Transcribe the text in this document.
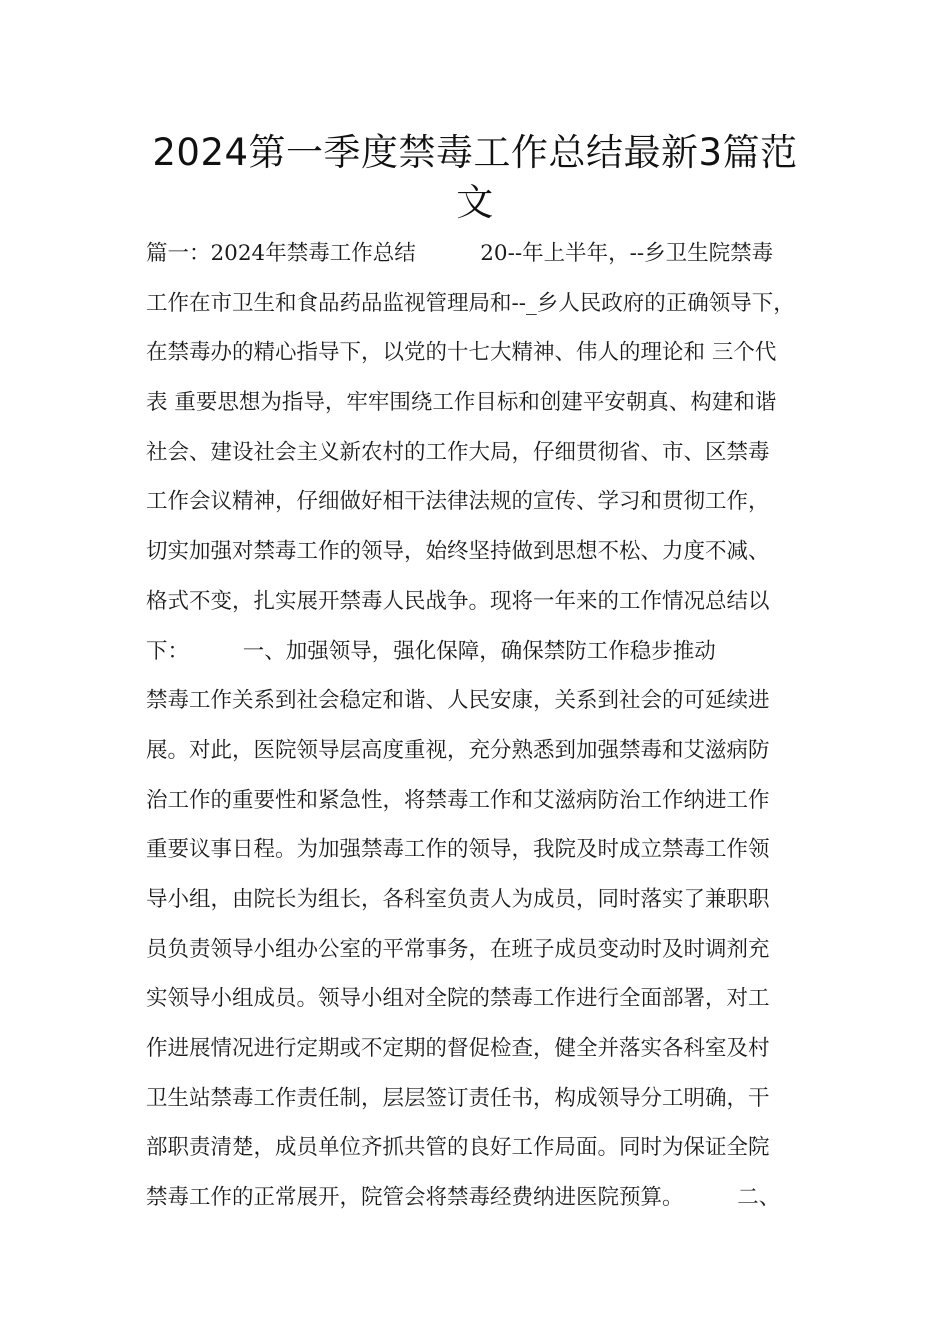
2024第一季度禁毒工作总结最新3篇范
文
篇一：2024年禁毒工作总结　　　20--年上半年，--乡卫生院禁毒
工作在市卫生和食品药品监视管理局和--_乡人民政府的正确领导下，
在禁毒办的精心指导下，以党的十七大精神、伟人的理论和 三个代
表 重要思想为指导，牢牢围绕工作目标和创建平安朝真、构建和谐
社会、建设社会主义新农村的工作大局，仔细贯彻省、市、区禁毒
工作会议精神，仔细做好相干法律法规的宣传、学习和贯彻工作，
切实加强对禁毒工作的领导，始终坚持做到思想不松、力度不减、
格式不变，扎实展开禁毒人民战争。现将一年来的工作情况总结以
下：　　　一、加强领导，强化保障，确保禁防工作稳步推动
禁毒工作关系到社会稳定和谐、人民安康，关系到社会的可延续进
展。对此，医院领导层高度重视，充分熟悉到加强禁毒和艾滋病防
治工作的重要性和紧急性，将禁毒工作和艾滋病防治工作纳进工作
重要议事日程。为加强禁毒工作的领导，我院及时成立禁毒工作领
导小组，由院长为组长，各科室负责人为成员，同时落实了兼职职
员负责领导小组办公室的平常事务，在班子成员变动时及时调剂充
实领导小组成员。领导小组对全院的禁毒工作进行全面部署，对工
作进展情况进行定期或不定期的督促检查，健全并落实各科室及村
卫生站禁毒工作责任制，层层签订责任书，构成领导分工明确，干
部职责清楚，成员单位齐抓共管的良好工作局面。同时为保证全院
禁毒工作的正常展开，院管会将禁毒经费纳进医院预算。　　　二、
